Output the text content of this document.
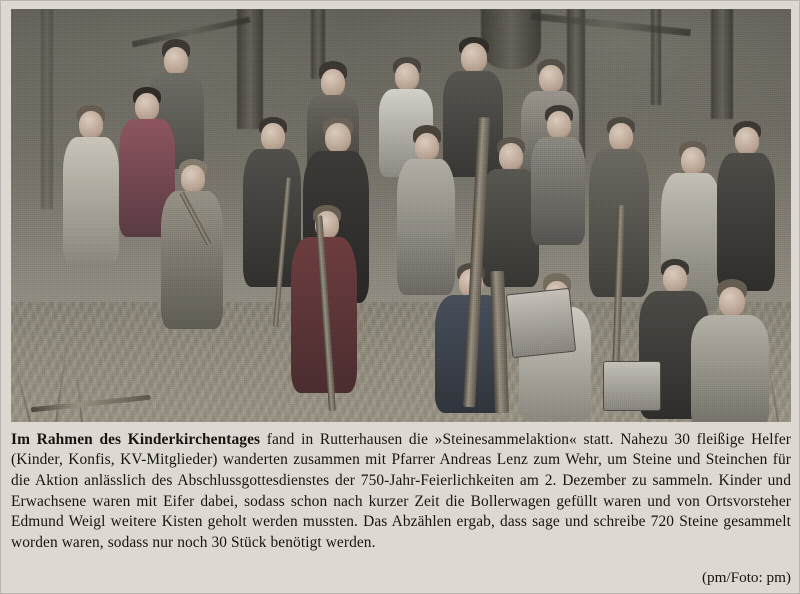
Im Rahmen des Kinderkirchentages fand in Rutterhausen die »Steinesammelaktion« statt. Nahezu 30 fleißige Helfer (Kinder, Konfis, KV-Mitglieder) wanderten zusammen mit Pfarrer Andreas Lenz zum Wehr, um Steine und Steinchen für die Aktion anlässlich des Abschlussgottesdienstes der 750-Jahr-Feierlichkeiten am 2. Dezember zu sammeln. Kinder und Erwachsene waren mit Eifer dabei, sodass schon nach kurzer Zeit die Bollerwagen gefüllt waren und von Ortsvorsteher Edmund Weigl weitere Kisten geholt werden mussten. Das Abzählen ergab, dass sage und schreibe 720 Steine gesammelt worden waren, sodass nur noch 30 Stück benötigt werden.

(pm/Foto: pm)
